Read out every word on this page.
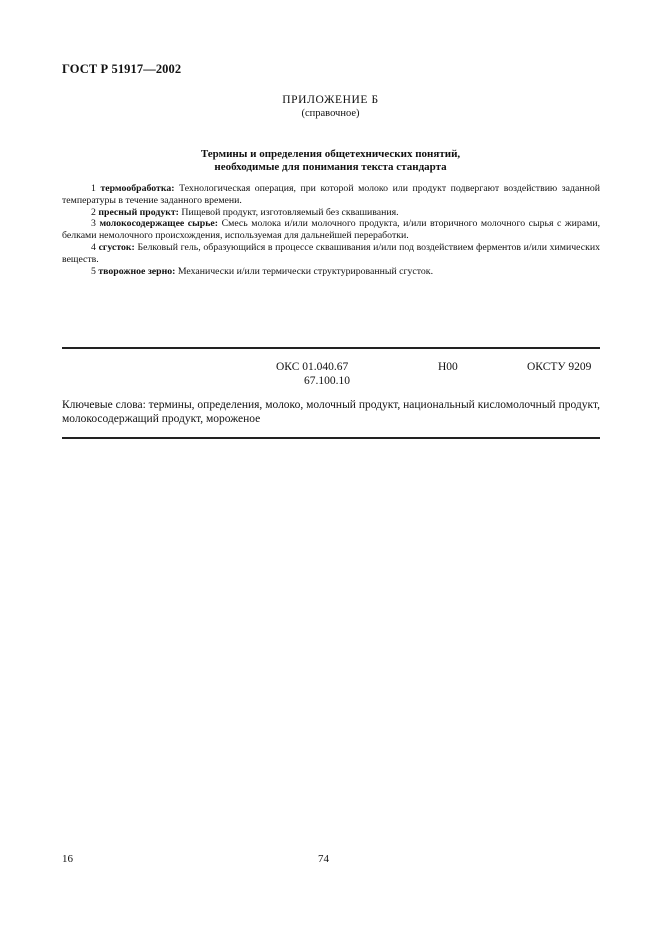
ГОСТ Р 51917—2002
ПРИЛОЖЕНИЕ Б
(справочное)
Термины и определения общетехнических понятий,
необходимые для понимания текста стандарта

1 термообработка: Технологическая операция, при которой молоко или продукт подвергают воздействию заданной температуры в течение заданного времени.

2 пресный продукт: Пищевой продукт, изготовляемый без сквашивания.

3 молокосодержащее сырье: Смесь молока и/или молочного продукта, и/или вторичного молочного сырья с жирами, белками немолочного происхождения, используемая для дальнейшей переработки.

4 сгусток: Белковый гель, образующийся в процессе сквашивания и/или под воздействием ферментов и/или химических веществ.

5 творожное зерно: Механически и/или термически структурированный сгусток.

ОКС 01.040.67
67.100.10
Н00	ОКСТУ 9209
Ключевые слова: термины, определения, молоко, молочный продукт, национальный кисломолочный продукт, молокосодержащий продукт, мороженое
16	74
